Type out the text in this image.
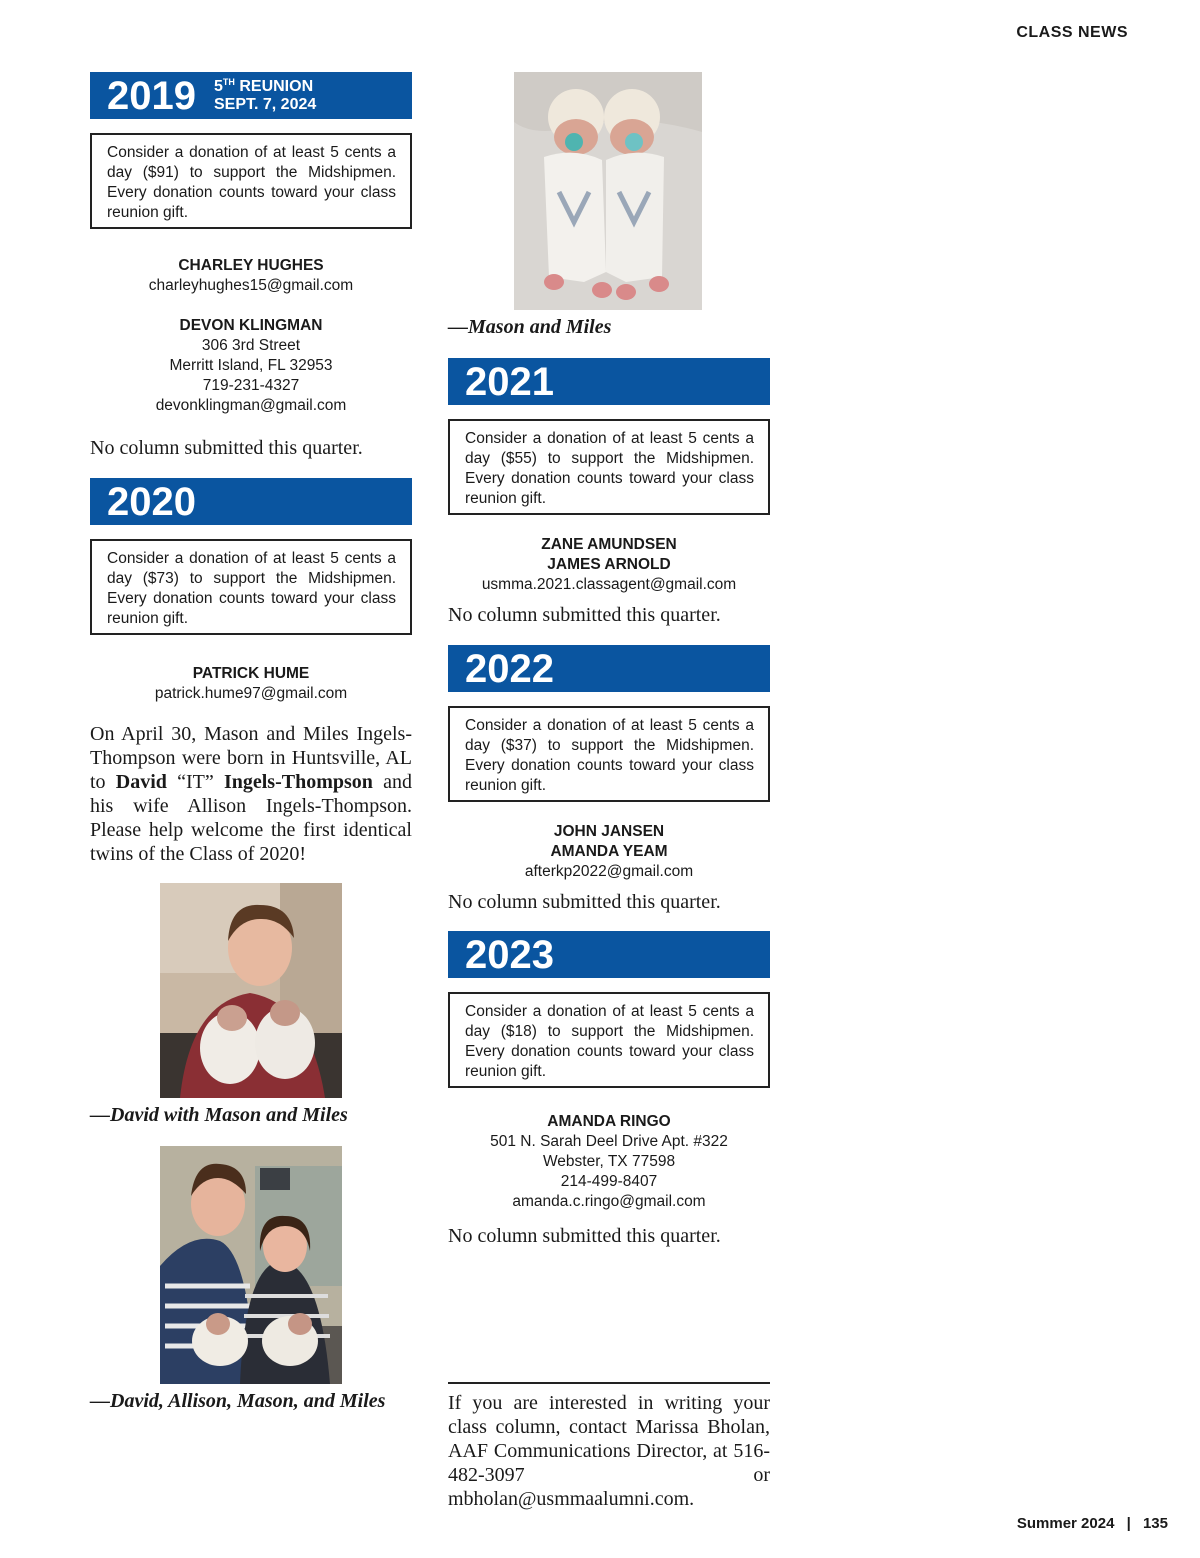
CLASS NEWS
2019 5TH REUNION
SEPT. 7, 2024
Consider a donation of at least 5 cents a day ($91) to support the Midshipmen. Every donation counts toward your class reunion gift.
CHARLEY HUGHES
charleyhughes15@gmail.com
DEVON KLINGMAN
306 3rd Street
Merritt Island, FL 32953
719-231-4327
devonklingman@gmail.com
No column submitted this quarter.
2020
Consider a donation of at least 5 cents a day ($73) to support the Midshipmen. Every donation counts toward your class reunion gift.
PATRICK HUME
patrick.hume97@gmail.com
On April 30, Mason and Miles Ingels-Thompson were born in Huntsville, AL to David “IT” Ingels-Thompson and his wife Allison Ingels-Thompson. Please help welcome the first identical twins of the Class of 2020!
—David with Mason and Miles
—David, Allison, Mason, and Miles
—Mason and Miles
2021
Consider a donation of at least 5 cents a day ($55) to support the Midshipmen. Every donation counts toward your class reunion gift.
ZANE AMUNDSEN
JAMES ARNOLD
usmma.2021.classagent@gmail.com
No column submitted this quarter.
2022
Consider a donation of at least 5 cents a day ($37) to support the Midshipmen. Every donation counts toward your class reunion gift.
JOHN JANSEN
AMANDA YEAM
afterkp2022@gmail.com
No column submitted this quarter.
2023
Consider a donation of at least 5 cents a day ($18) to support the Midshipmen. Every donation counts toward your class reunion gift.
AMANDA RINGO
501 N. Sarah Deel Drive Apt. #322
Webster, TX 77598
214-499-8407
amanda.c.ringo@gmail.com
No column submitted this quarter.
If you are interested in writing your class column, contact Marissa Bholan, AAF Communications Director, at 516-482-3097 or mbholan@usmmaalumni.com.
Summer 2024 | 135
